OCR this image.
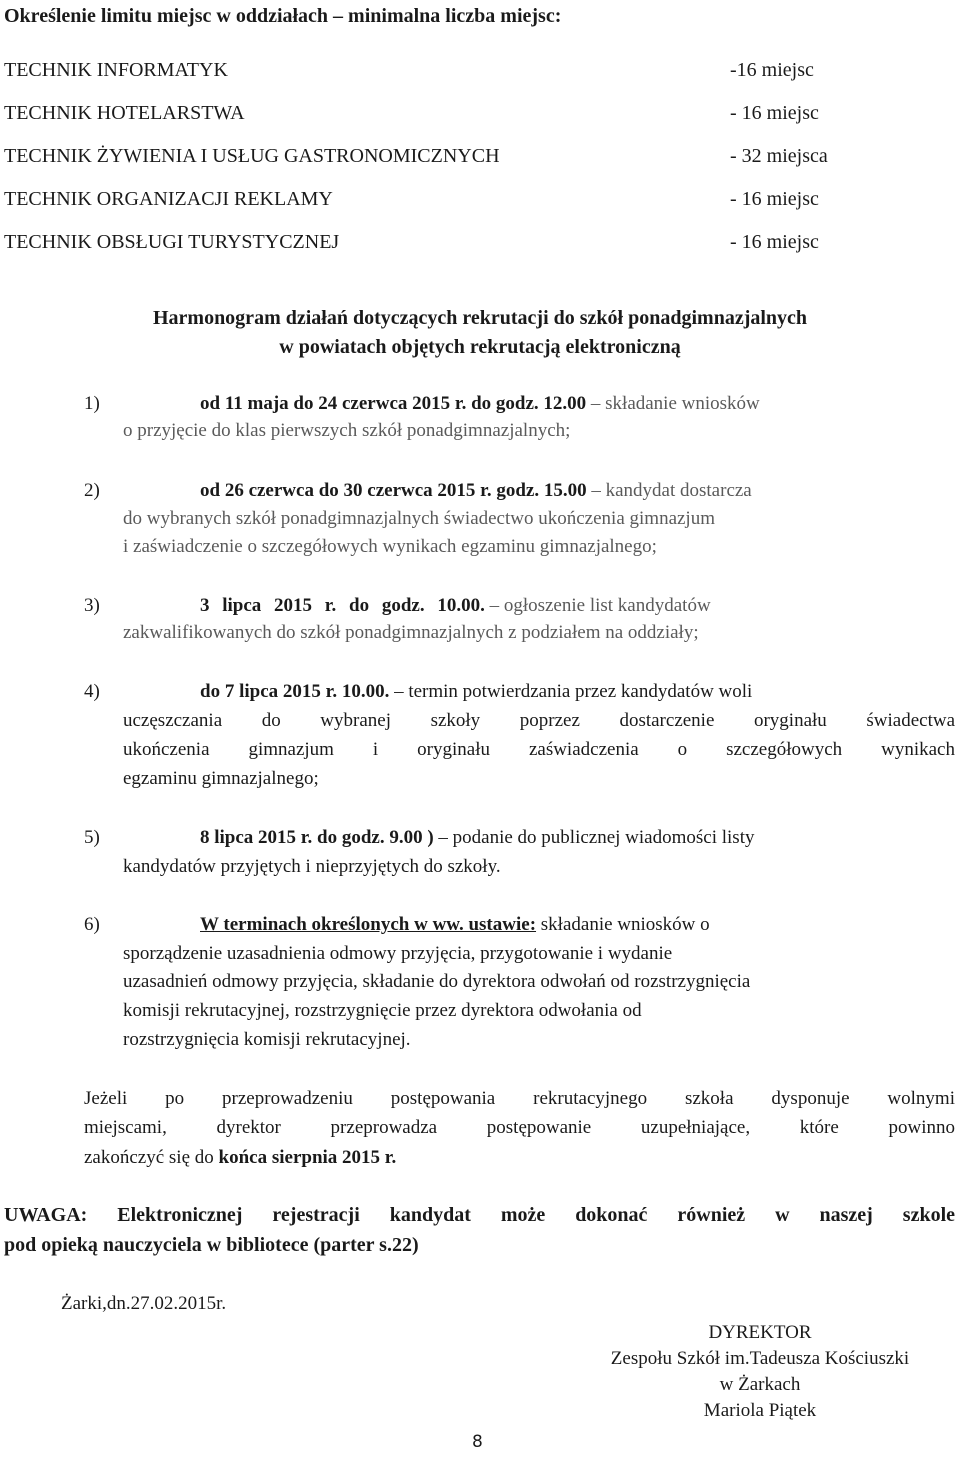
Określenie limitu miejsc w oddziałach – minimalna liczba miejsc:
TECHNIK INFORMATYK	-16 miejsc
TECHNIK HOTELARSTWA	- 16 miejsc
TECHNIK ŻYWIENIA I USŁUG GASTRONOMICZNYCH	- 32 miejsca
TECHNIK ORGANIZACJI REKLAMY	- 16 miejsc
TECHNIK OBSŁUGI TURYSTYCZNEJ	- 16 miejsc
Harmonogram działań dotyczących rekrutacji do szkół ponadgimnazjalnych
w powiatach objętych rekrutacją elektroniczną
1)	od 11 maja do 24 czerwca 2015 r. do godz. 12.00 – składanie wniosków
o przyjęcie do klas pierwszych szkół ponadgimnazjalnych;
2)	od 26 czerwca do 30 czerwca 2015 r. godz. 15.00 – kandydat dostarcza
do wybranych szkół ponadgimnazjalnych świadectwo ukończenia gimnazjum
i zaświadczenie o szczegółowych wynikach egzaminu gimnazjalnego;
3)	3 lipca 2015 r. do godz. 10.00. – ogłoszenie list kandydatów
zakwalifikowanych do szkół ponadgimnazjalnych z podziałem na oddziały;
4)	do 7 lipca 2015 r. 10.00. – termin potwierdzania przez kandydatów woli
uczęszczania do wybranej szkoły poprzez dostarczenie oryginału świadectwa
ukończenia gimnazjum i oryginału zaświadczenia o szczegółowych wynikach
egzaminu gimnazjalnego;
5)	8 lipca 2015 r. do godz. 9.00 ) – podanie do publicznej wiadomości listy
kandydatów przyjętych i nieprzyjętych do szkoły.
6)	W terminach określonych w ww. ustawie: składanie wniosków o
sporządzenie uzasadnienia odmowy przyjęcia, przygotowanie i wydanie
uzasadnień odmowy przyjęcia, składanie do dyrektora odwołań od rozstrzygnięcia
komisji rekrutacyjnej, rozstrzygnięcie przez dyrektora odwołania od
rozstrzygnięcia komisji rekrutacyjnej.
Jeżeli po przeprowadzeniu postępowania rekrutacyjnego szkoła dysponuje wolnymi
miejscami, dyrektor przeprowadza postępowanie uzupełniające, które powinno
zakończyć się do końca sierpnia 2015 r.
UWAGA: Elektronicznej rejestracji kandydat może dokonać również w naszej szkole
pod opieką nauczyciela w bibliotece (parter s.22)
Żarki,dn.27.02.2015r.
DYREKTOR
Zespołu Szkół im.Tadeusza Kościuszki
w Żarkach
Mariola Piątek
8
